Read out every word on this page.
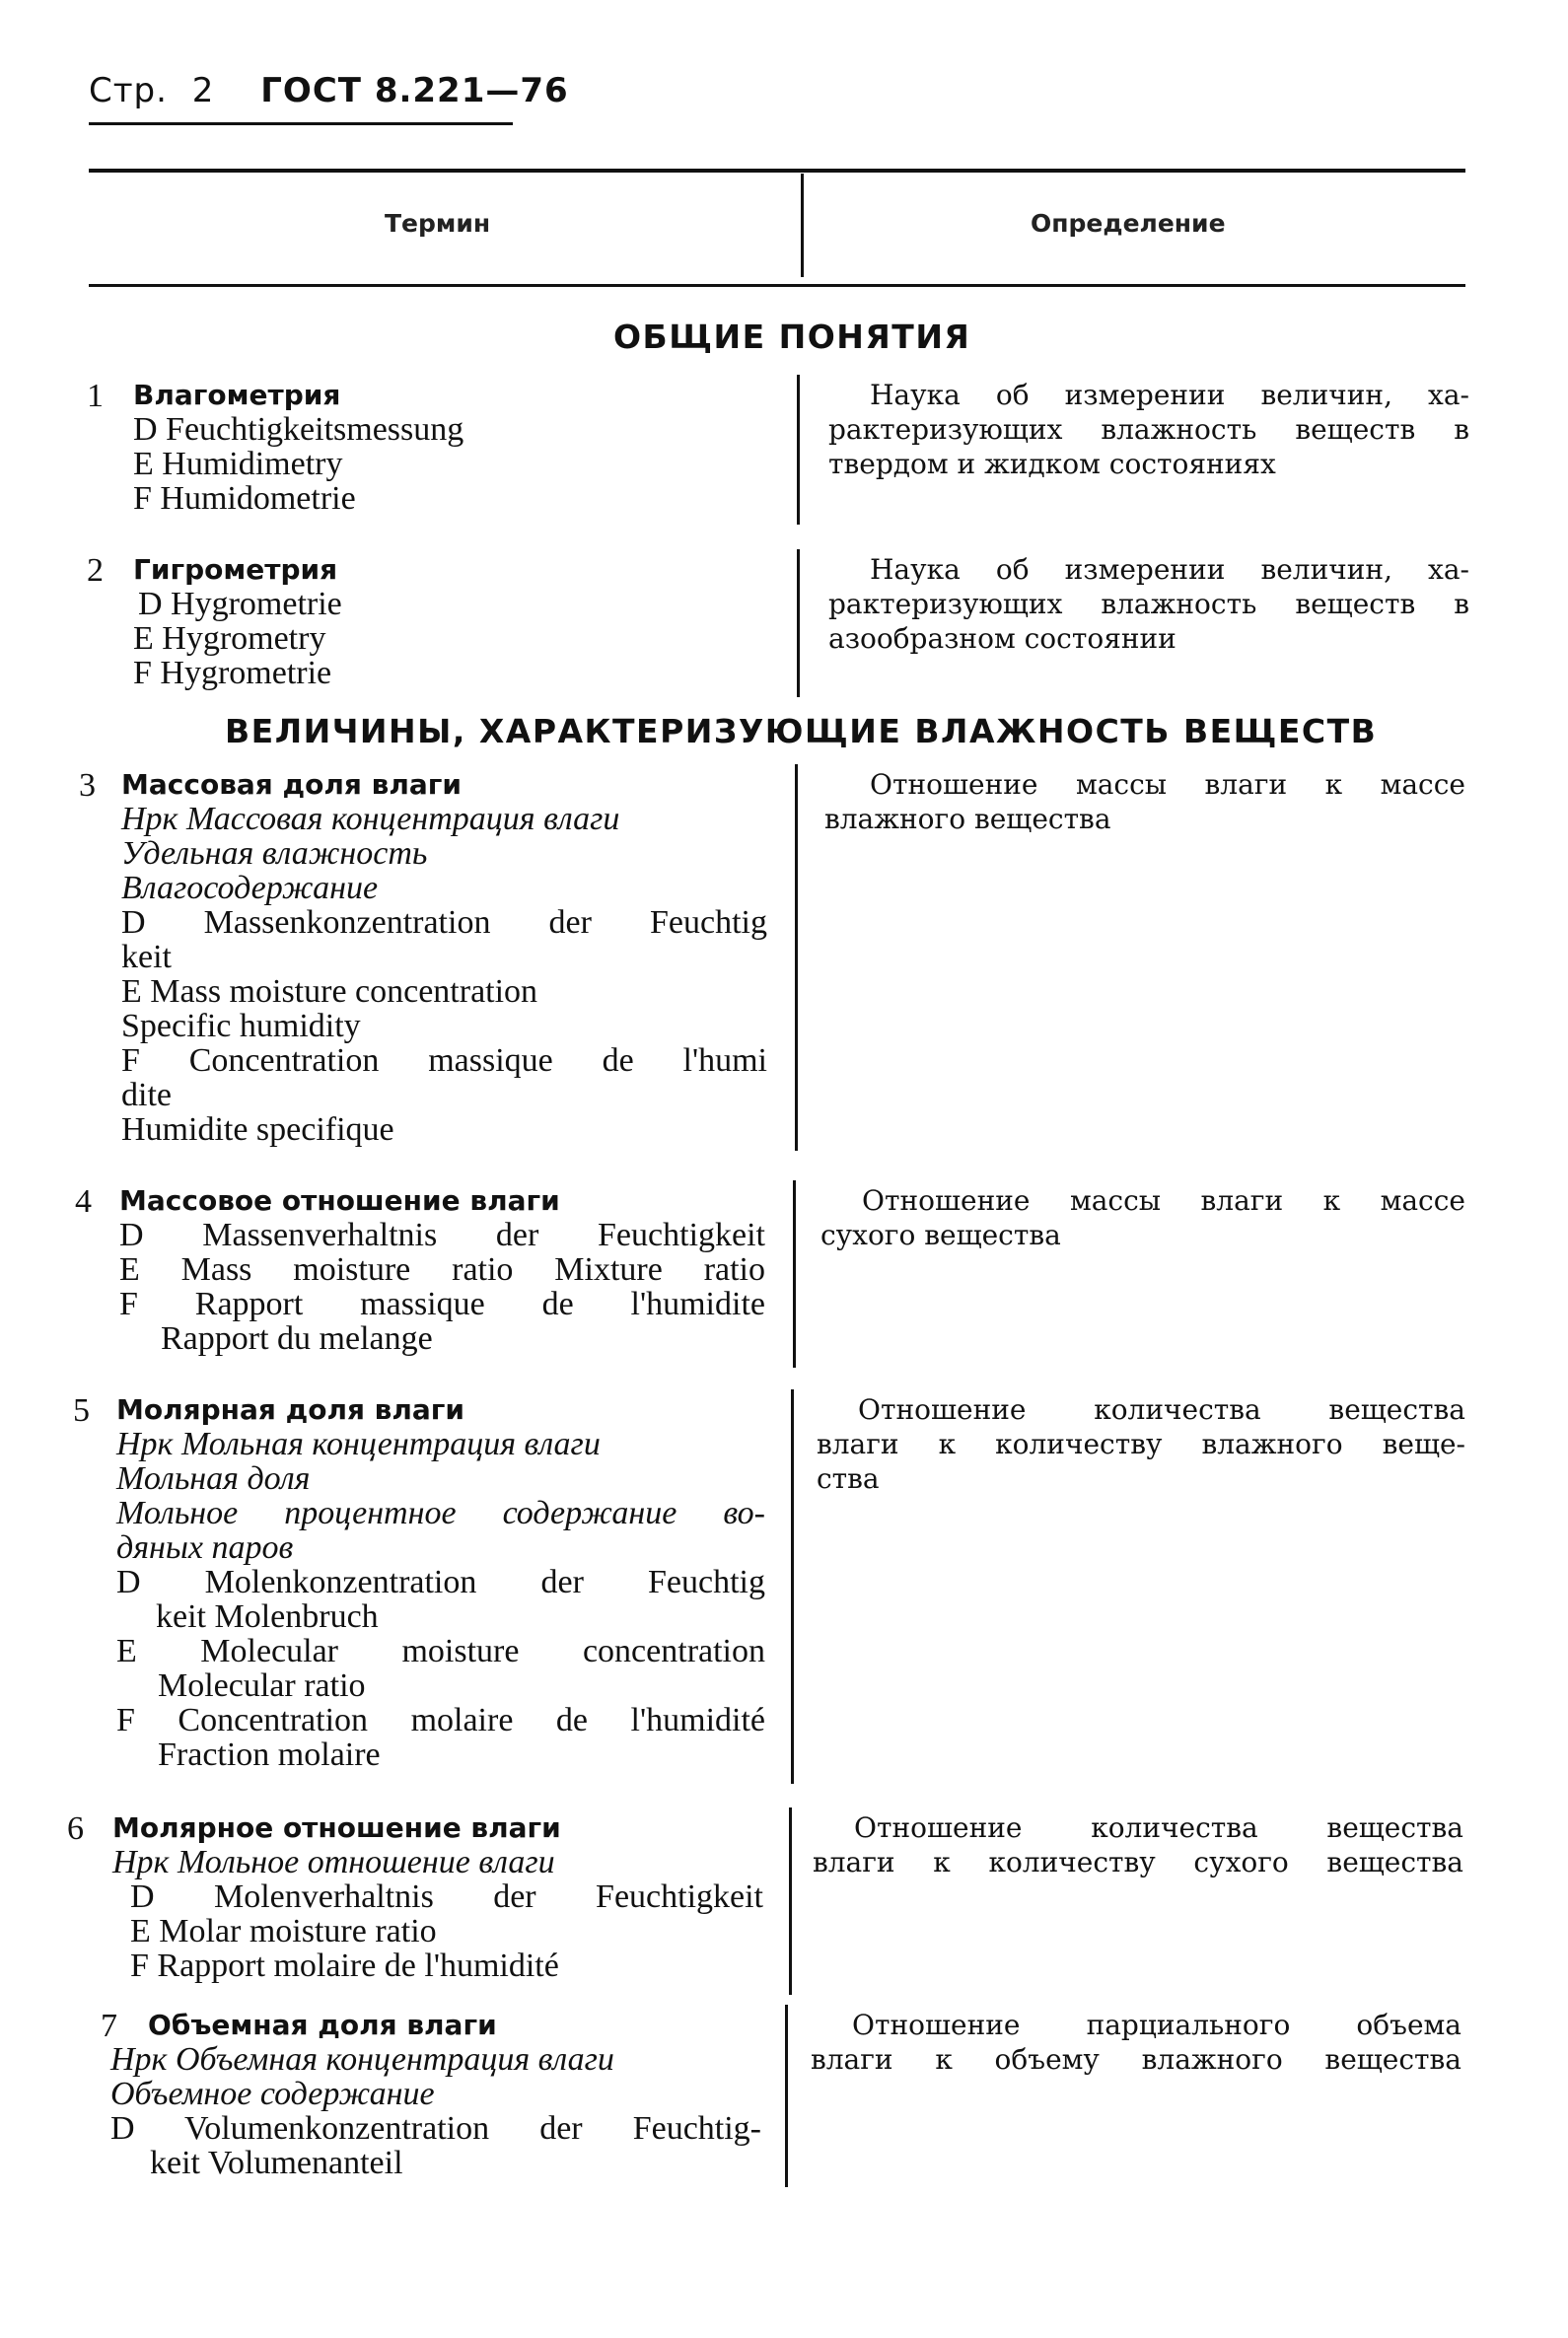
Стр. 2 ГОСТ 8.221—76
Термин	Определение
ОБЩИЕ ПОНЯТИЯ
1 Влагометрия
D Feuchtigkeitsmessung
E Humidimetry
F Humidometrie
Наука об измерении величин, ха-
рактеризующих влажность веществ в
твердом и жидком состояниях
2 Гигрометрия
D Hygrometrie
E Hygrometry
F Hygrometrie
Наука об измерении величин, ха-
рактеризующих влажность веществ в
азообразном состоянии
ВЕЛИЧИНЫ, ХАРАКТЕРИЗУЮЩИЕ ВЛАЖНОСТЬ ВЕЩЕСТВ
3 Массовая доля влаги
Нрк Массовая концентрация влаги
Удельная влажность
Влагосодержание
D Massenkonzentration der Feuchtig
keit
E Mass moisture concentration
Specific humidity
F Concentration massique de l'humi
dite
Humidite specifique
Отношение массы влаги к массе
влажного вещества
4 Массовое отношение влаги
D Massenverhaltnis der Feuchtigkeit
E Mass moisture ratio Mixture ratio
F Rapport massique de l'humidite
Rapport du melange
Отношение массы влаги к массе
сухого вещества
5 Молярная доля влаги
Нрк Мольная концентрация влаги
Мольная доля
Мольное процентное содержание во-
дяных паров
D Molenkonzentration der Feuchtig
keit Molenbruch
E Molecular moisture concentration
Molecular ratio
F Concentration molaire de l'humidité
Fraction molaire
Отношение количества вещества
влаги к количеству влажного веще-
ства
6 Молярное отношение влаги
Нрк Мольное отношение влаги
D Molenverhaltnis der Feuchtigkeit
E Molar moisture ratio
F Rapport molaire de l'humidité
Отношение количества вещества
влаги к количеству сухого вещества
7	Объемная доля влаги
Нрк Объемная концентрация влаги
Объемное содержание
D Volumenkonzentration der Feuchtig-
keit Volumenanteil
Отношение парциального объема
влаги к объему влажного вещества
